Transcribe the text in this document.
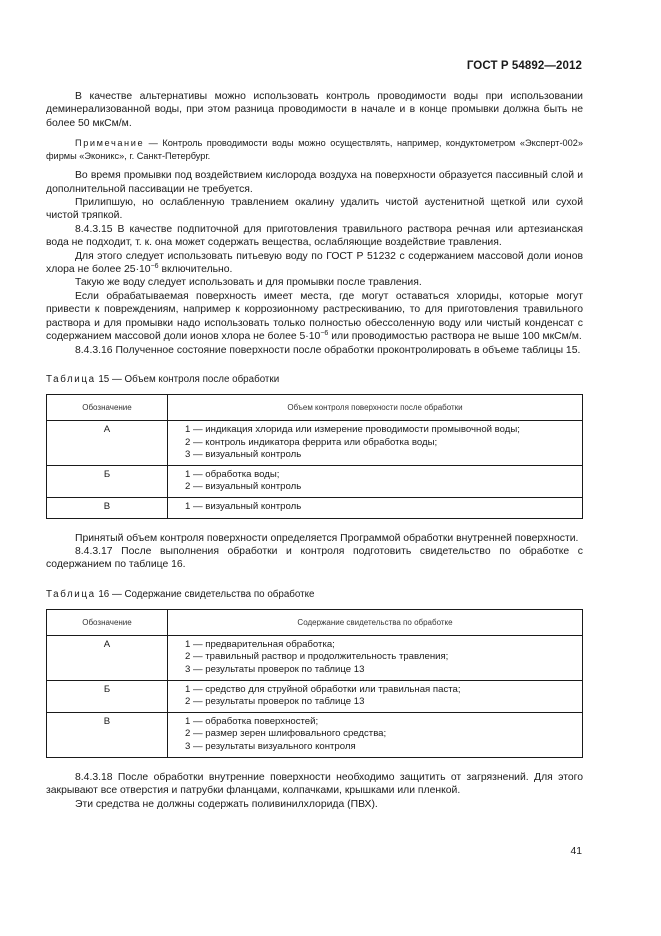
ГОСТ Р 54892—2012

В качестве альтернативы можно использовать контроль проводимости воды при использовании деминерализованной воды, при этом разница проводимости в начале и в конце промывки должна быть не более 50 мкСм/м.

Примечание — Контроль проводимости воды можно осуществлять, например, кондуктометром «Эксперт-002» фирмы «Эконикс», г. Санкт-Петербург.

Во время промывки под воздействием кислорода воздуха на поверхности образуется пассивный слой и дополнительной пассивации не требуется.

Прилипшую, но ослабленную травлением окалину удалить чистой аустенитной щеткой или сухой чистой тряпкой.

8.4.3.15 В качестве подпиточной для приготовления травильного раствора речная или артезианская вода не подходит, т. к. она может содержать вещества, ослабляющие воздействие травления.

Для этого следует использовать питьевую воду по ГОСТ Р 51232 с содержанием массовой доли ионов хлора не более $25\cdot 10^{-6}$ включительно.

Такую же воду следует использовать и для промывки после травления.

Если обрабатываемая поверхность имеет места, где могут оставаться хлориды, которые могут привести к повреждениям, например к коррозионному растрескиванию, то для приготовления травильного раствора и для промывки надо использовать только полностью обессоленную воду или чистый конденсат с содержанием массовой доли ионов хлора не более $5\cdot 10^{-6}$ или проводимостью раствора не выше 100 мкСм/м.

8.4.3.16 Полученное состояние поверхности после обработки проконтролировать в объеме таблицы 15.

Таблица 15 — Объем контроля после обработки
Обозначение	Объем контроля поверхности после обработки
А	1 — индикация хлорида или измерение проводимости промывочной воды;
2 — контроль индикатора феррита или обработка воды;
3 — визуальный контроль

Б	1 — обработка воды;
2 — визуальный контроль

В	1 — визуальный контроль

Принятый объем контроля поверхности определяется Программой обработки внутренней поверхности.

8.4.3.17 После выполнения обработки и контроля подготовить свидетельство по обработке с содержанием по таблице 16.

Таблица 16 — Содержание свидетельства по обработке
Обозначение	Содержание свидетельства по обработке
А	1 — предварительная обработка;
2 — травильный раствор и продолжительность травления;
3 — результаты проверок по таблице 13

Б	1 — средство для струйной обработки или травильная паста;
2 — результаты проверок по таблице 13

В	1 — обработка поверхностей;
2 — размер зерен шлифовального средства;
3 — результаты визуального контроля

8.4.3.18 После обработки внутренние поверхности необходимо защитить от загрязнений. Для этого закрывают все отверстия и патрубки фланцами, колпачками, крышками или пленкой.

Эти средства не должны содержать поливинилхлорида (ПВХ).

41
